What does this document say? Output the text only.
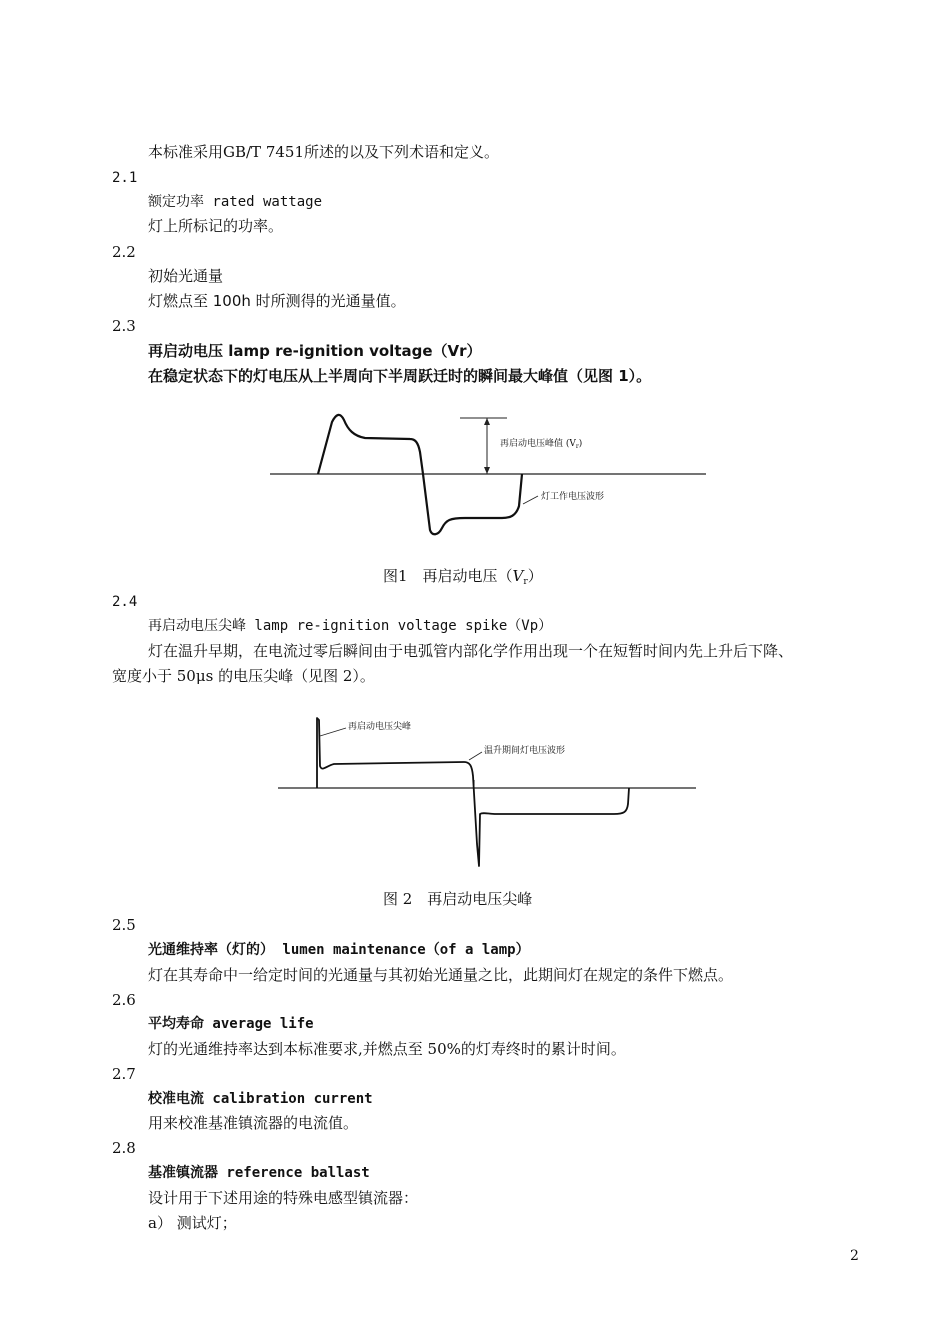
本标准采用GB/T 7451所述的以及下列术语和定义。
2.1
额定功率 rated wattage
灯上所标记的功率。
2.2
初始光通量
灯燃点至 100h 时所测得的光通量值。
2.3
再启动电压 lamp re-ignition voltage（Vr）
在稳定状态下的灯电压从上半周向下半周跃迁时的瞬间最大峰值（见图 1）。
再启动电压峰值 $(V_r)$
灯工作电压波形
图1　再启动电压$(V_r)$
2.4
再启动电压尖峰 lamp re-ignition voltage spike（Vp）
灯在温升早期，在电流过零后瞬间由于电弧管内部化学作用出现一个在短暂时间内先上升后下降、
宽度小于 50μs 的电压尖峰（见图 2）。
再启动电压尖峰
温升期间灯电压波形
图 2　再启动电压尖峰
2.5
光通维持率（灯的） lumen maintenance（of a lamp）
灯在其寿命中一给定时间的光通量与其初始光通量之比，此期间灯在规定的条件下燃点。
2.6
平均寿命 average life
灯的光通维持率达到本标准要求,并燃点至 50%的灯寿终时的累计时间。
2.7
校准电流 calibration current
用来校准基准镇流器的电流值。
2.8
基准镇流器 reference ballast
设计用于下述用途的特殊电感型镇流器：
a） 测试灯；
2
